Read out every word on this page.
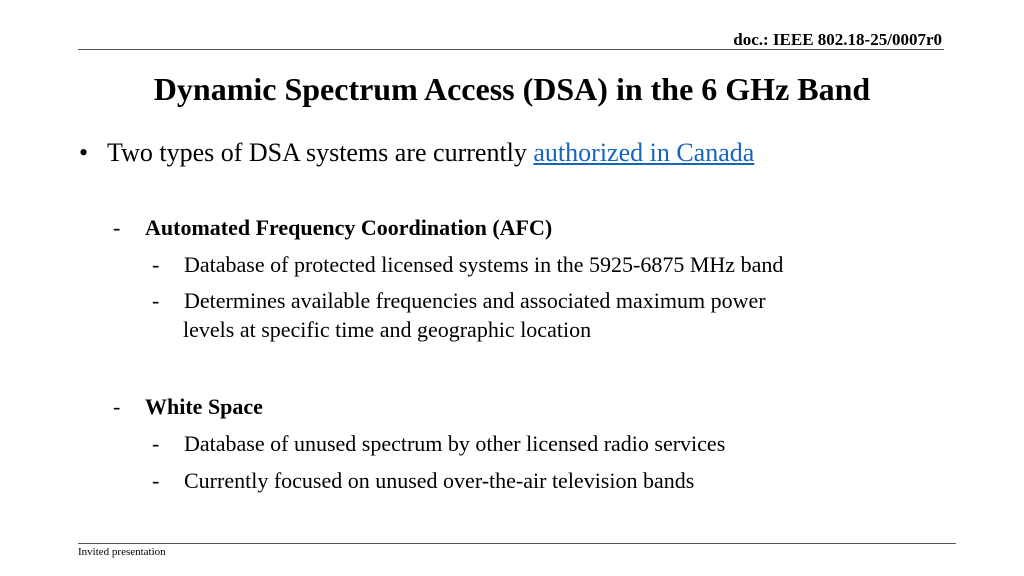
doc.: IEEE 802.18-25/0007r0
Dynamic Spectrum Access (DSA) in the 6 GHz Band
• Two types of DSA systems are currently authorized in Canada
- Automated Frequency Coordination (AFC)
- Database of protected licensed systems in the 5925-6875 MHz band
- Determines available frequencies and associated maximum power
levels at specific time and geographic location
- White Space
- Database of unused spectrum by other licensed radio services
- Currently focused on unused over-the-air television bands
Invited presentation
